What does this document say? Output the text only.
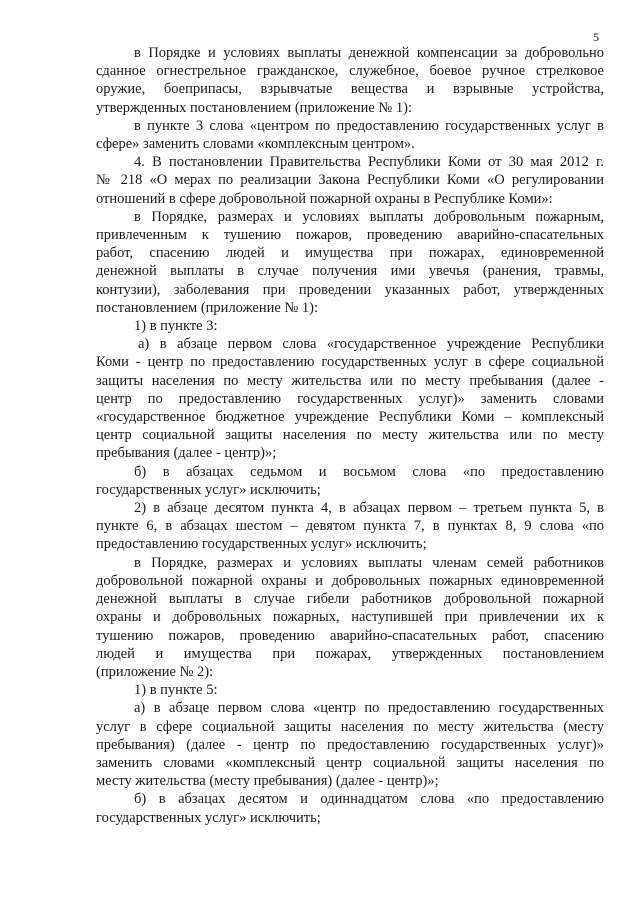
5
в Порядке и условиях выплаты денежной компенсации за добровольно
сданное огнестрельное гражданское, служебное, боевое ручное стрелковое
оружие, боеприпасы, взрывчатые вещества и взрывные устройства,
утвержденных постановлением (приложение № 1):
в пункте 3 слова «центром по предоставлению государственных услуг в
сфере» заменить словами «комплексным центром».
4. В постановлении Правительства Республики Коми от 30 мая 2012 г.
№ 218 «О мерах по реализации Закона Республики Коми «О регулировании
отношений в сфере добровольной пожарной охраны в Республике Коми»:
в Порядке, размерах и условиях выплаты добровольным пожарным,
привлеченным к тушению пожаров, проведению аварийно-спасательных
работ, спасению людей и имущества при пожарах, единовременной
денежной выплаты в случае получения ими увечья (ранения, травмы,
контузии), заболевания при проведении указанных работ, утвержденных
постановлением (приложение № 1):
1) в пункте 3:
а) в абзаце первом слова «государственное учреждение Республики
Коми - центр по предоставлению государственных услуг в сфере социальной
защиты населения по месту жительства или по месту пребывания (далее -
центр по предоставлению государственных услуг)» заменить словами
«государственное бюджетное учреждение Республики Коми – комплексный
центр социальной защиты населения по месту жительства или по месту
пребывания (далее - центр)»;
б) в абзацах седьмом и восьмом слова «по предоставлению
государственных услуг» исключить;
2) в абзаце десятом пункта 4, в абзацах первом – третьем пункта 5, в
пункте 6, в абзацах шестом – девятом пункта 7, в пунктах 8, 9 слова «по
предоставлению государственных услуг» исключить;
в Порядке, размерах и условиях выплаты членам семей работников
добровольной пожарной охраны и добровольных пожарных единовременной
денежной выплаты в случае гибели работников добровольной пожарной
охраны и добровольных пожарных, наступившей при привлечении их к
тушению пожаров, проведению аварийно-спасательных работ, спасению
людей и имущества при пожарах, утвержденных постановлением
(приложение № 2):
1) в пункте 5:
а) в абзаце первом слова «центр по предоставлению государственных
услуг в сфере социальной защиты населения по месту жительства (месту
пребывания) (далее - центр по предоставлению государственных услуг)»
заменить словами «комплексный центр социальной защиты населения по
месту жительства (месту пребывания) (далее - центр)»;
б) в абзацах десятом и одиннадцатом слова «по предоставлению
государственных услуг» исключить;
